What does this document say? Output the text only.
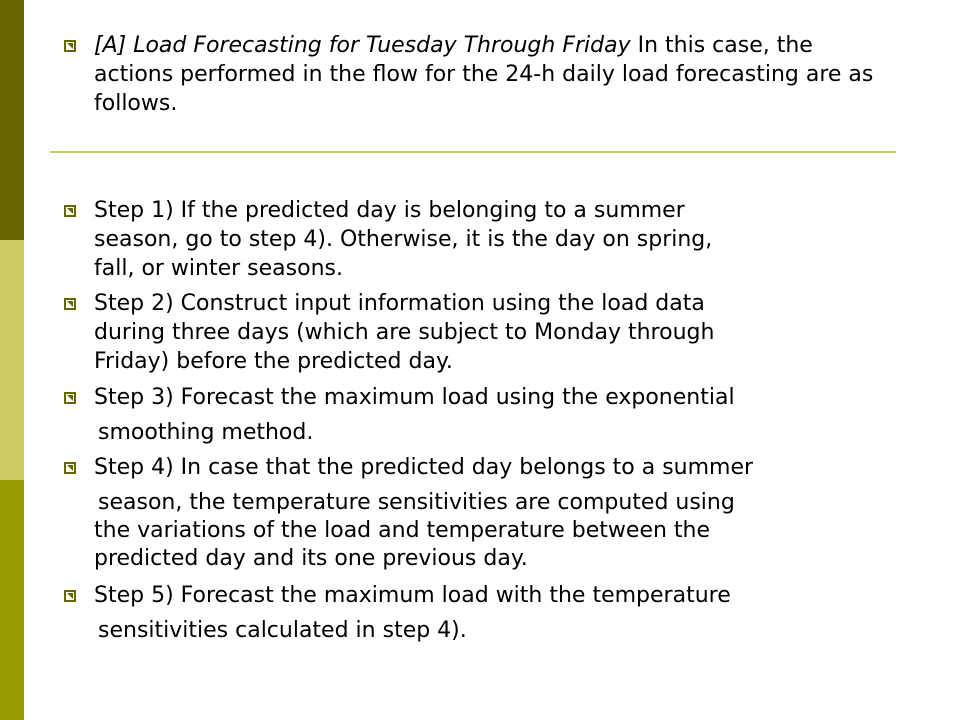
[A] Load Forecasting for Tuesday Through Friday In this case, the actions performed in the flow for the 24-h daily load forecasting are as follows.
Step 1) If the predicted day is belonging to a summer
season, go to step 4). Otherwise, it is the day on spring,
fall, or winter seasons.
Step 2) Construct input information using the load data
during three days (which are subject to Monday through
Friday) before the predicted day.
Step 3) Forecast the maximum load using the exponential
smoothing method.
Step 4) In case that the predicted day belongs to a summer
season, the temperature sensitivities are computed using
the variations of the load and temperature between the
predicted day and its one previous day.
Step 5) Forecast the maximum load with the temperature
sensitivities calculated in step 4).
